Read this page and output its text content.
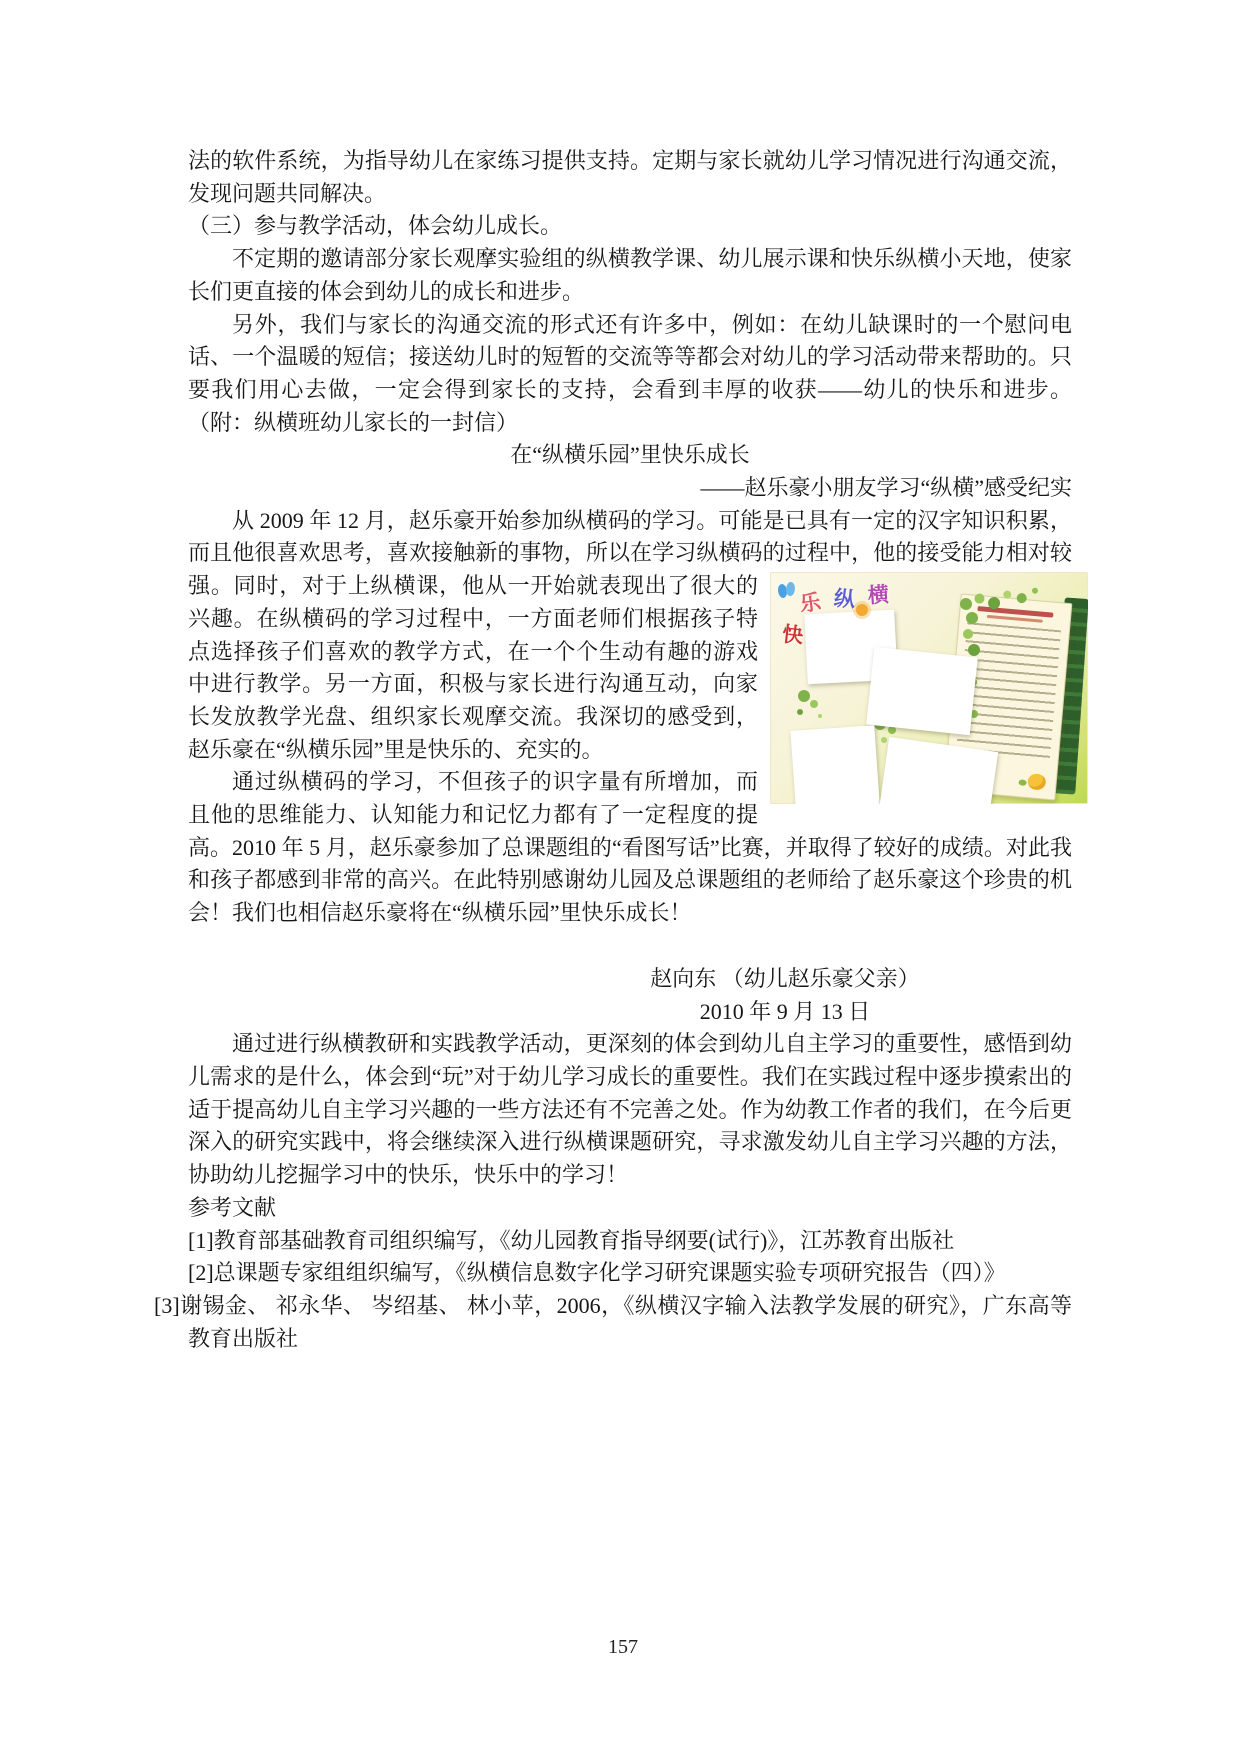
法的软件系统，为指导幼儿在家练习提供支持。定期与家长就幼儿学习情况进行沟通交流，发现问题共同解决。

（三）参与教学活动，体会幼儿成长。

不定期的邀请部分家长观摩实验组的纵横教学课、幼儿展示课和快乐纵横小天地，使家长们更直接的体会到幼儿的成长和进步。

另外，我们与家长的沟通交流的形式还有许多中，例如：在幼儿缺课时的一个慰问电话、一个温暖的短信；接送幼儿时的短暂的交流等等都会对幼儿的学习活动带来帮助的。只要我们用心去做，一定会得到家长的支持，会看到丰厚的收获——幼儿的快乐和进步。（附：纵横班幼儿家长的一封信）

在“纵横乐园”里快乐成长

——赵乐豪小朋友学习“纵横”感受纪实

从 2009 年 12 月，赵乐豪开始参加纵横码的学习。可能是已具有一定的汉字知识积累，而且他很喜欢思考，喜欢接触新的事物，所以在学习纵横码的过程中，他的接受能力相对较
快
乐 纵 横
强。同时，对于上纵横课，他从一开始就表现出了很大的兴趣。在纵横码的学习过程中，一方面老师们根据孩子特点选择孩子们喜欢的教学方式，在一个个生动有趣的游戏中进行教学。另一方面，积极与家长进行沟通互动，向家长发放教学光盘、组织家长观摩交流。我深切的感受到，赵乐豪在“纵横乐园”里是快乐的、充实的。

通过纵横码的学习，不但孩子的识字量有所增加，而且他的思维能力、认知能力和记忆力都有了一定程度的提高。2010 年 5 月，赵乐豪参加了总课题组的“看图写话”比赛，并取得了较好的成绩。对此我和孩子都感到非常的高兴。在此特别感谢幼儿园及总课题组的老师给了赵乐豪这个珍贵的机会！我们也相信赵乐豪将在“纵横乐园”里快乐成长！

赵向东 （幼儿赵乐豪父亲）

2010 年 9 月 13 日

通过进行纵横教研和实践教学活动，更深刻的体会到幼儿自主学习的重要性，感悟到幼儿需求的是什么，体会到“玩”对于幼儿学习成长的重要性。我们在实践过程中逐步摸索出的适于提高幼儿自主学习兴趣的一些方法还有不完善之处。作为幼教工作者的我们，在今后更深入的研究实践中，将会继续深入进行纵横课题研究，寻求激发幼儿自主学习兴趣的方法，协助幼儿挖掘学习中的快乐，快乐中的学习！

参考文献

[1]教育部基础教育司组织编写，《幼儿园教育指导纲要(试行)》，江苏教育出版社

[2]总课题专家组组织编写，《纵横信息数字化学习研究课题实验专项研究报告（四）》

[3]谢锡金、 祁永华、 岑绍基、 林小苹，2006，《纵横汉字输入法教学发展的研究》，广东高等教育出版社

157
